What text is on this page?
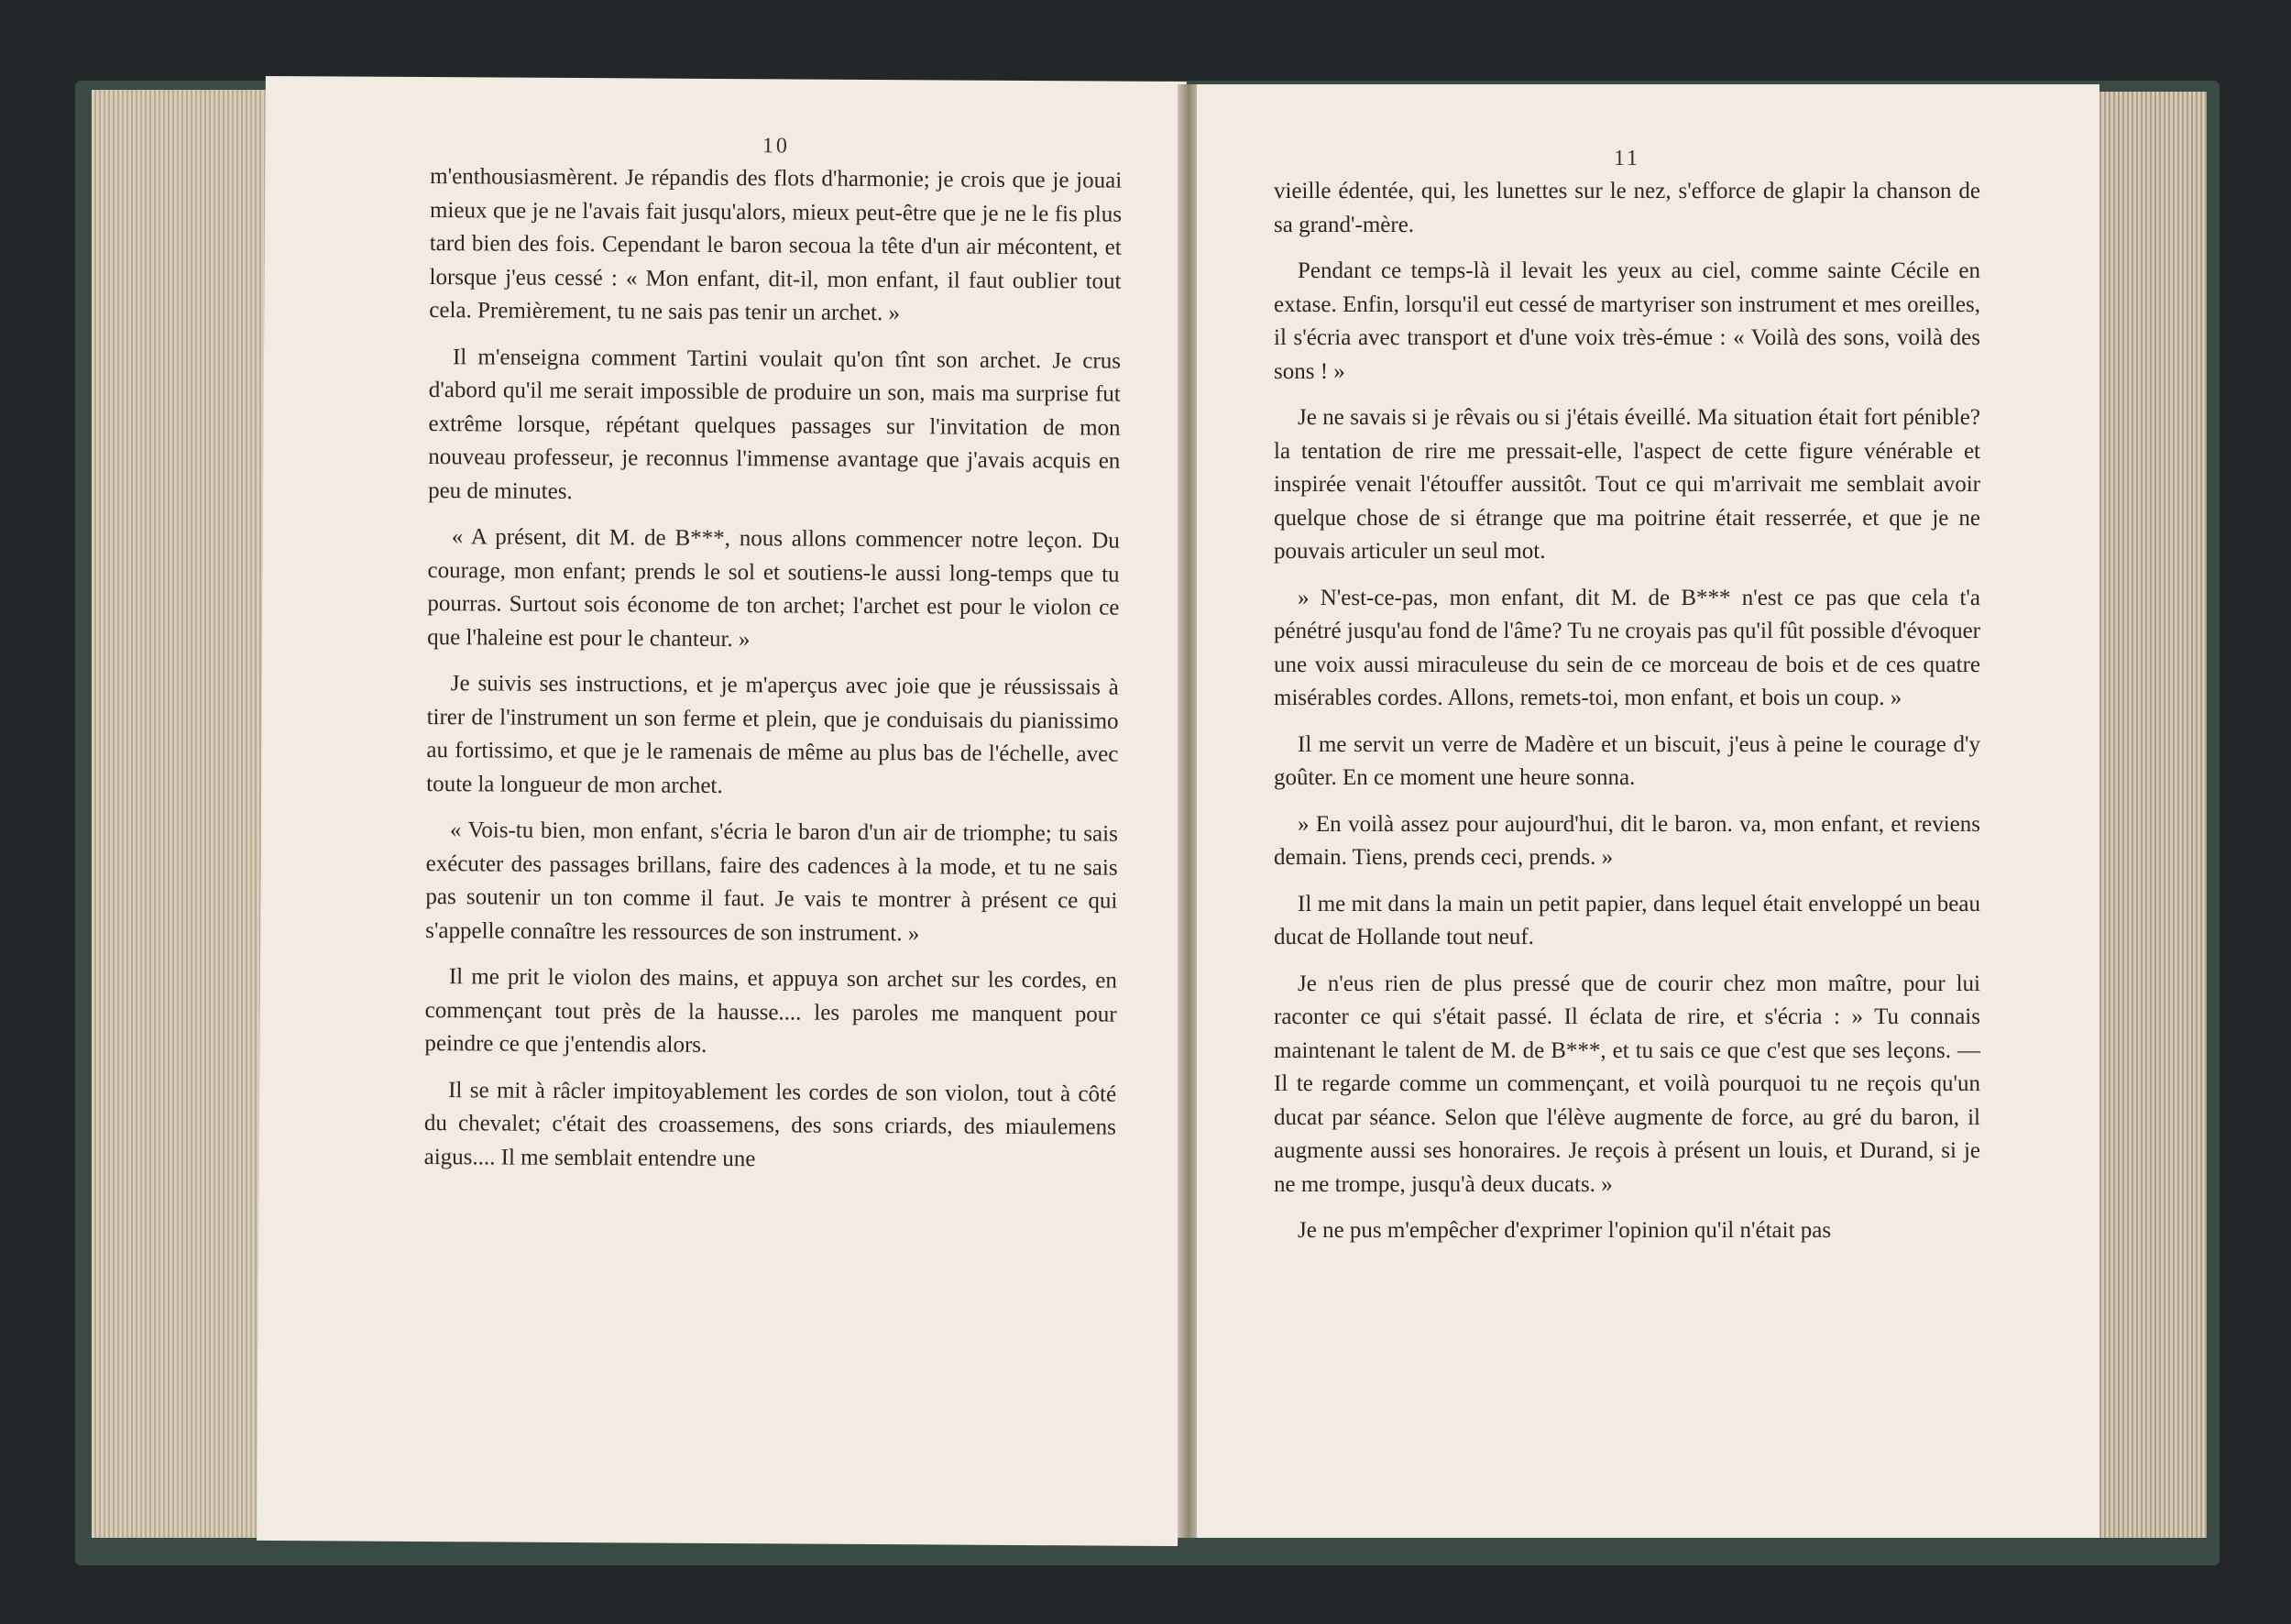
10

m'enthousiasmèrent. Je répandis des flots d'harmonie; je crois que je jouai mieux que je ne l'avais fait jusqu'alors, mieux peut-être que je ne le fis plus tard bien des fois. Cependant le baron secoua la tête d'un air mécontent, et lorsque j'eus cessé : « Mon enfant, dit-il, mon enfant, il faut oublier tout cela. Premièrement, tu ne sais pas tenir un archet. »

Il m'enseigna comment Tartini voulait qu'on tînt son archet. Je crus d'abord qu'il me serait impossible de produire un son, mais ma surprise fut extrême lorsque, répétant quelques passages sur l'invitation de mon nouveau professeur, je reconnus l'immense avantage que j'avais acquis en peu de minutes.

« A présent, dit M. de B***, nous allons commencer notre leçon. Du courage, mon enfant; prends le sol et soutiens-le aussi long-temps que tu pourras. Surtout sois économe de ton archet; l'archet est pour le violon ce que l'haleine est pour le chanteur. »

Je suivis ses instructions, et je m'aperçus avec joie que je réussissais à tirer de l'instrument un son ferme et plein, que je conduisais du pianissimo au fortissimo, et que je le ramenais de même au plus bas de l'échelle, avec toute la longueur de mon archet.

« Vois-tu bien, mon enfant, s'écria le baron d'un air de triomphe; tu sais exécuter des passages brillans, faire des cadences à la mode, et tu ne sais pas soutenir un ton comme il faut. Je vais te montrer à présent ce qui s'appelle connaître les ressources de son instrument. »

Il me prit le violon des mains, et appuya son archet sur les cordes, en commençant tout près de la hausse.... les paroles me manquent pour peindre ce que j'entendis alors.

Il se mit à râcler impitoyablement les cordes de son violon, tout à côté du chevalet; c'était des croassemens, des sons criards, des miaulemens aigus.... Il me semblait entendre une

11

vieille édentée, qui, les lunettes sur le nez, s'efforce de glapir la chanson de sa grand'-mère.

Pendant ce temps-là il levait les yeux au ciel, comme sainte Cécile en extase. Enfin, lorsqu'il eut cessé de martyriser son instrument et mes oreilles, il s'écria avec transport et d'une voix très-émue : « Voilà des sons, voilà des sons ! »

Je ne savais si je rêvais ou si j'étais éveillé. Ma situation était fort pénible? la tentation de rire me pressait-elle, l'aspect de cette figure vénérable et inspirée venait l'étouffer aussitôt. Tout ce qui m'arrivait me semblait avoir quelque chose de si étrange que ma poitrine était resserrée, et que je ne pouvais articuler un seul mot.

» N'est-ce-pas, mon enfant, dit M. de B*** n'est ce pas que cela t'a pénétré jusqu'au fond de l'âme? Tu ne croyais pas qu'il fût possible d'évoquer une voix aussi miraculeuse du sein de ce morceau de bois et de ces quatre misérables cordes. Allons, remets-toi, mon enfant, et bois un coup. »

Il me servit un verre de Madère et un biscuit, j'eus à peine le courage d'y goûter. En ce moment une heure sonna.

» En voilà assez pour aujourd'hui, dit le baron. va, mon enfant, et reviens demain. Tiens, prends ceci, prends. »

Il me mit dans la main un petit papier, dans lequel était enveloppé un beau ducat de Hollande tout neuf.

Je n'eus rien de plus pressé que de courir chez mon maître, pour lui raconter ce qui s'était passé. Il éclata de rire, et s'écria : » Tu connais maintenant le talent de M. de B***, et tu sais ce que c'est que ses leçons. — Il te regarde comme un commençant, et voilà pourquoi tu ne reçois qu'un ducat par séance. Selon que l'élève augmente de force, au gré du baron, il augmente aussi ses honoraires. Je reçois à présent un louis, et Durand, si je ne me trompe, jusqu'à deux ducats. »

Je ne pus m'empêcher d'exprimer l'opinion qu'il n'était pas
